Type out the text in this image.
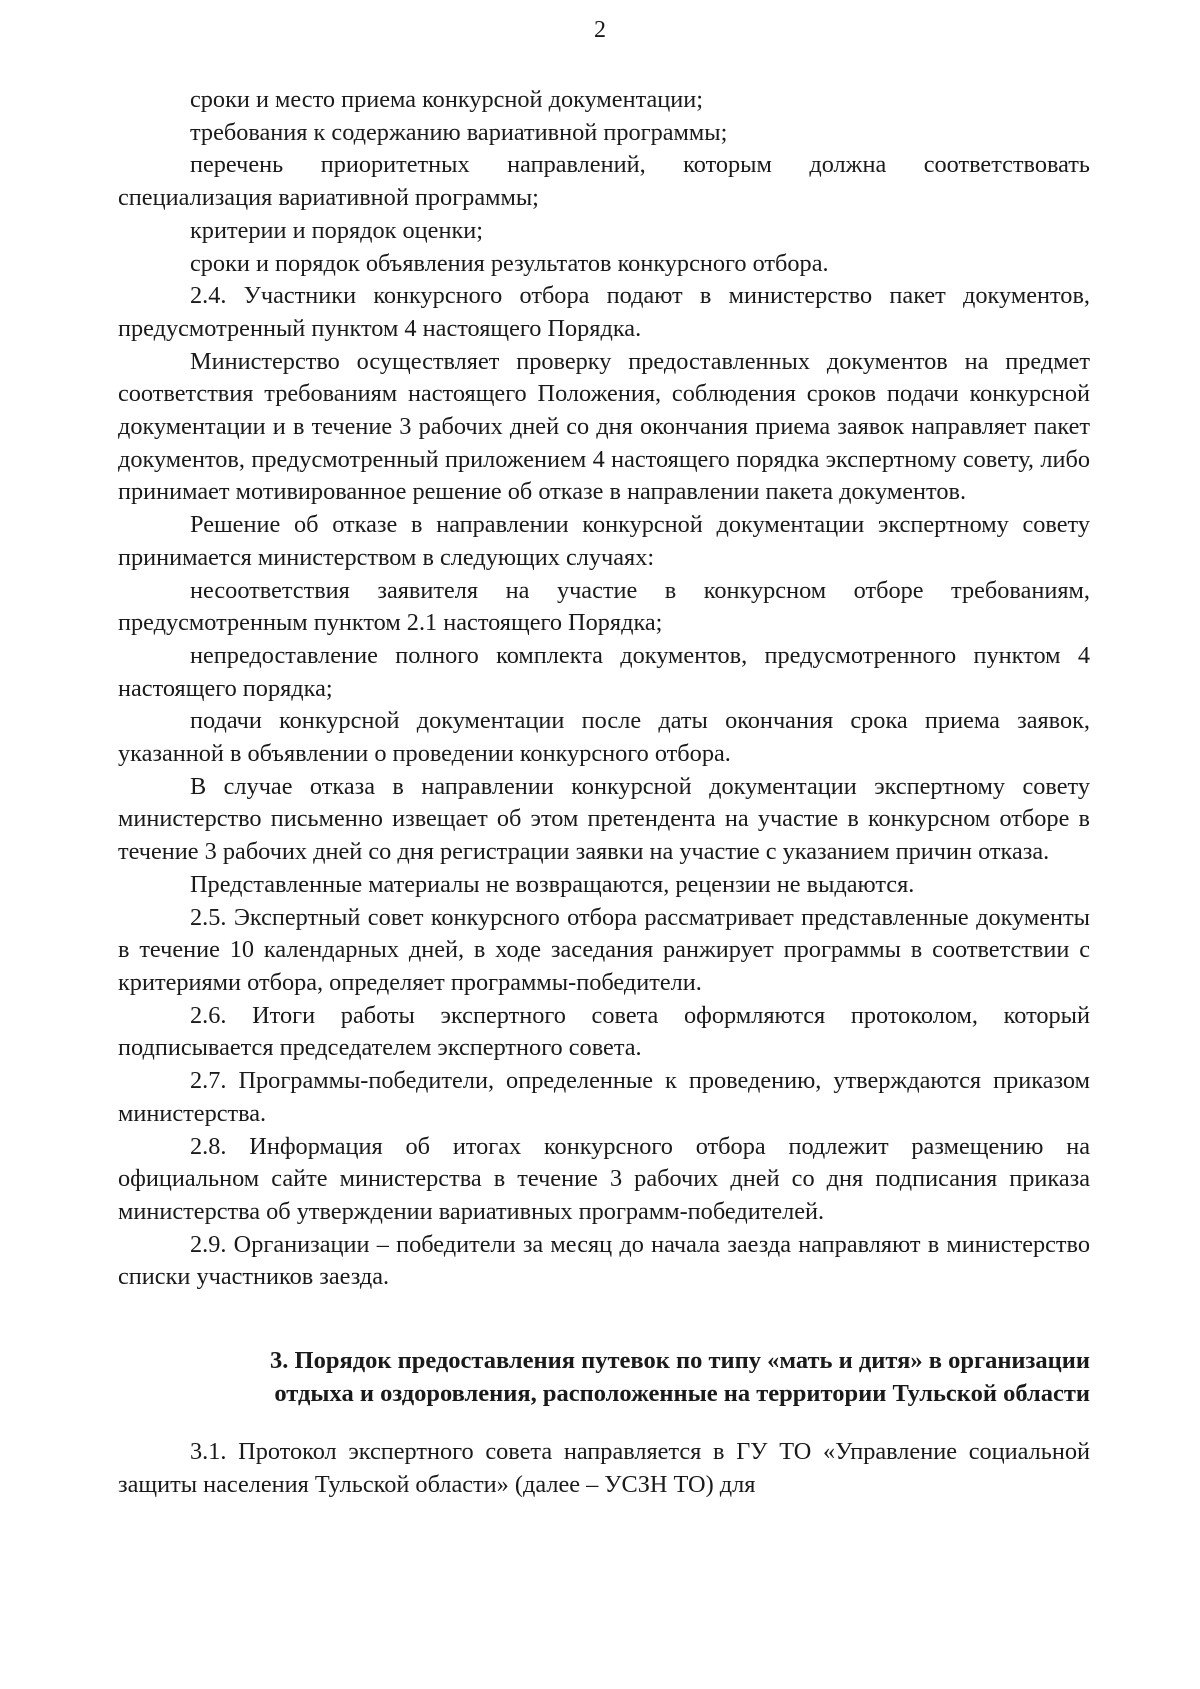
2

сроки и место приема конкурсной документации;

требования к содержанию вариативной программы;

перечень приоритетных направлений, которым должна соответствовать специализация вариативной программы;

критерии и порядок оценки;

сроки и порядок объявления результатов конкурсного отбора.

2.4. Участники конкурсного отбора подают в министерство пакет документов, предусмотренный пунктом 4 настоящего Порядка.

Министерство осуществляет проверку предоставленных документов на предмет соответствия требованиям настоящего Положения, соблюдения сроков подачи конкурсной документации и в течение 3 рабочих дней со дня окончания приема заявок направляет пакет документов, предусмотренный приложением 4 настоящего порядка экспертному совету, либо принимает мотивированное решение об отказе в направлении пакета документов.

Решение об отказе в направлении конкурсной документации экспертному совету принимается министерством в следующих случаях:

несоответствия заявителя на участие в конкурсном отборе требованиям, предусмотренным пунктом 2.1 настоящего Порядка;

непредоставление полного комплекта документов, предусмотренного пунктом 4 настоящего порядка;

подачи конкурсной документации после даты окончания срока приема заявок, указанной в объявлении о проведении конкурсного отбора.

В случае отказа в направлении конкурсной документации экспертному совету министерство письменно извещает об этом претендента на участие в конкурсном отборе в течение 3 рабочих дней со дня регистрации заявки на участие с указанием причин отказа.

Представленные материалы не возвращаются, рецензии не выдаются.

2.5. Экспертный совет конкурсного отбора рассматривает представленные документы в течение 10 календарных дней, в ходе заседания ранжирует программы в соответствии с критериями отбора, определяет программы-победители.

2.6. Итоги работы экспертного совета оформляются протоколом, который подписывается председателем экспертного совета.

2.7. Программы-победители, определенные к проведению, утверждаются приказом министерства.

2.8. Информация об итогах конкурсного отбора подлежит размещению на официальном сайте министерства в течение 3 рабочих дней со дня подписания приказа министерства об утверждении вариативных программ-победителей.

2.9. Организации – победители за месяц до начала заезда направляют в министерство списки участников заезда.

3. Порядок предоставления путевок по типу «мать и дитя» в организации
отдыха и оздоровления, расположенные на территории Тульской области

3.1. Протокол экспертного совета направляется в ГУ ТО «Управление социальной защиты населения Тульской области» (далее – УСЗН ТО) для
